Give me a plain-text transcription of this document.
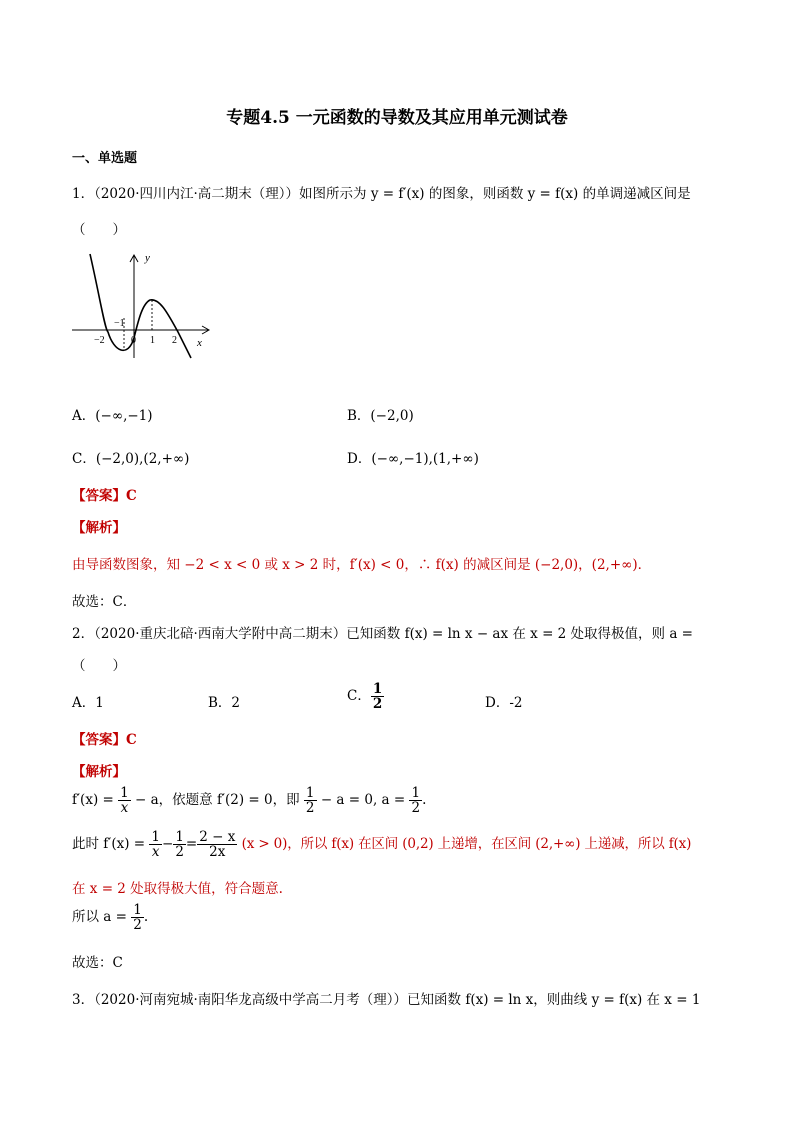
专题4.5 一元函数的导数及其应用单元测试卷
一、单选题
1．（2020·四川内江·高二期末（理））如图所示为 y = f′(x) 的图象，则函数 y = f(x) 的单调递减区间是
（　　）
y
x
−1
−2	0 1 2
A．(−∞,−1)	B．(−2,0)
C．(−2,0),(2,+∞)	D．(−∞,−1),(1,+∞)
【答案】C
【解析】
由导函数图象，知 −2 < x < 0 或 x > 2 时，f′(x) < 0，∴ f(x) 的减区间是 (−2,0)，(2,+∞)．
故选：C．
2．（2020·重庆北碚·西南大学附中高二期末）已知函数 f(x) = ln x − ax 在 x = 2 处取得极值，则 a =
（　　）
A．1	B．2	C． $\frac{1}{2}$	D．-2
【答案】C
【解析】
$f'(x) = \frac{1}{x} - a$，依题意 f′(2) = 0，即 $\frac{1}{2} - a = 0$, $a = \frac{1}{2}$ .
此时 $f'(x) = \frac{1}{x} - \frac{1}{2} = \frac{2 - x}{2x} (x > 0)$，所以 f(x) 在区间 (0,2) 上递增，在区间 (2,+∞) 上递减，所以 f(x)
在 x = 2 处取得极大值，符合题意.
所以 $a = \frac{1}{2}$ .
故选：C
3．（2020·河南宛城·南阳华龙高级中学高二月考（理））已知函数 f(x) = ln x，则曲线 y = f(x) 在 x = 1
